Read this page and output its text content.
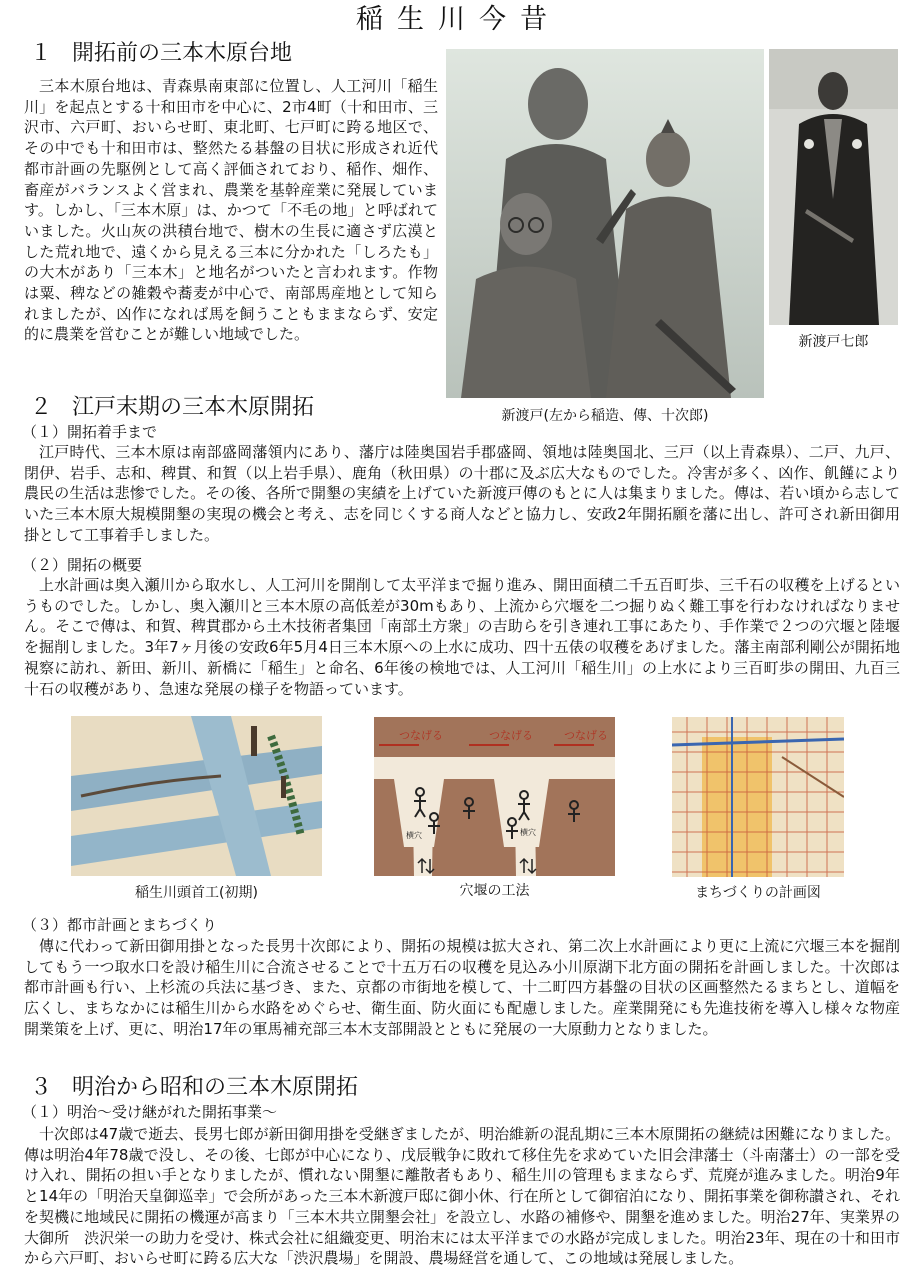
稲生川今昔
１ 開拓前の三本木原台地
三本木原台地は、青森県南東部に位置し、人工河川「稲生川」を起点とする十和田市を中心に、2市4町（十和田市、三沢市、六戸町、おいらせ町、東北町、七戸町に跨る地区で、その中でも十和田市は、整然たる碁盤の目状に形成され近代都市計画の先駆例として高く評価されており、稲作、畑作、畜産がバランスよく営まれ、農業を基幹産業に発展しています。しかし、「三本木原」は、かつて「不毛の地」と呼ばれていました。火山灰の洪積台地で、樹木の生長に適さず広漠とした荒れ地で、遠くから見える三本に分かれた「しろたも」の大木があり「三本木」と地名がついたと言われます。作物は粟、稗などの雑穀や蕎麦が中心で、南部馬産地として知られましたが、凶作になれば馬を飼うこともままならず、安定的に農業を営むことが難しい地域でした。	新渡戸七郎
新渡戸(左から稲造、傳、十次郎)
２ 江戸末期の三本木原開拓
（１）開拓着手まで
江戸時代、三本木原は南部盛岡藩領内にあり、藩庁は陸奥国岩手郡盛岡、領地は陸奥国北、三戸（以上青森県）、二戸、九戸、閉伊、岩手、志和、稗貫、和賀（以上岩手県）、鹿角（秋田県）の十郡に及ぶ広大なものでした。冷害が多く、凶作、飢饉により農民の生活は悲惨でした。その後、各所で開墾の実績を上げていた新渡戸傳のもとに人は集まりました。傳は、若い頃から志していた三本木原大規模開墾の実現の機会と考え、志を同じくする商人などと協力し、安政2年開拓願を藩に出し、許可され新田御用掛として工事着手しました。
（２）開拓の概要
上水計画は奥入瀬川から取水し、人工河川を開削して太平洋まで掘り進み、開田面積二千五百町歩、三千石の収穫を上げるというものでした。しかし、奥入瀬川と三本木原の高低差が30mもあり、上流から穴堰を二つ掘りぬく難工事を行わなければなりません。そこで傳は、和賀、稗貫郡から土木技術者集団「南部土方衆」の吉助らを引き連れ工事にあたり、手作業で２つの穴堰と陸堰を掘削しました。3年7ヶ月後の安政6年5月4日三本木原への上水に成功、四十五俵の収穫をあげました。藩主南部利剛公が開拓地視察に訪れ、新田、新川、新橋に「稲生」と命名、6年後の検地では、人工河川「稲生川」の上水により三百町歩の開田、九百三十石の収穫があり、急速な発展の様子を物語っています。
つなげる	つなげる	つなげる
横穴	横穴
稲生川頭首工(初期)	穴堰の工法	まちづくりの計画図
（３）都市計画とまちづくり
傳に代わって新田御用掛となった長男十次郎により、開拓の規模は拡大され、第二次上水計画により更に上流に穴堰三本を掘削してもう一つ取水口を設け稲生川に合流させることで十五万石の収穫を見込み小川原湖下北方面の開拓を計画しました。十次郎は都市計画も行い、上杉流の兵法に基づき、また、京都の市街地を模して、十二町四方碁盤の目状の区画整然たるまちとし、道幅を広くし、まちなかには稲生川から水路をめぐらせ、衛生面、防火面にも配慮しました。産業開発にも先進技術を導入し様々な物産開業策を上げ、更に、明治17年の軍馬補充部三本木支部開設とともに発展の一大原動力となりました。
３ 明治から昭和の三本木原開拓
（１）明治～受け継がれた開拓事業～
十次郎は47歳で逝去、長男七郎が新田御用掛を受継ぎましたが、明治維新の混乱期に三本木原開拓の継続は困難になりました。傳は明治4年78歳で没し、その後、七郎が中心になり、戊辰戦争に敗れて移住先を求めていた旧会津藩士（斗南藩士）の一部を受け入れ、開拓の担い手となりましたが、慣れない開墾に離散者もあり、稲生川の管理もままならず、荒廃が進みました。明治9年と14年の「明治天皇御巡幸」で会所があった三本木新渡戸邸に御小休、行在所として御宿泊になり、開拓事業を御称讃され、それを契機に地域民に開拓の機運が高まり「三本木共立開墾会社」を設立し、水路の補修や、開墾を進めました。明治27年、実業界の大御所　渋沢栄一の助力を受け、株式会社に組織変更、明治末には太平洋までの水路が完成しました。明治23年、現在の十和田市から六戸町、おいらせ町に跨る広大な「渋沢農場」を開設、農場経営を通して、この地域は発展しました。
